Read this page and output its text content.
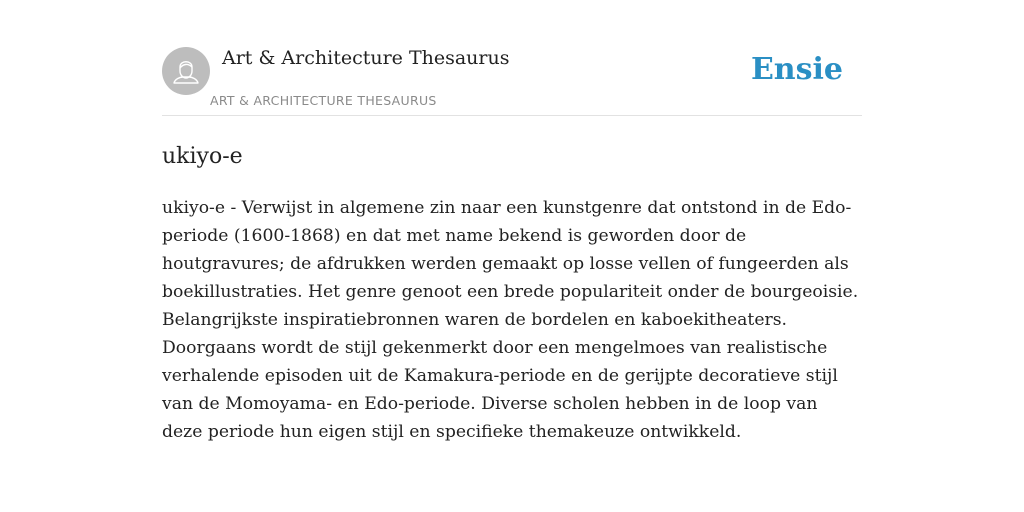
Art & Architecture Thesaurus
ART & ARCHITECTURE THESAURUS
Ensie
ukiyo-e

ukiyo-e - Verwijst in algemene zin naar een kunstgenre dat ontstond in de Edo-periode (1600-1868) en dat met name bekend is geworden door de houtgravures; de afdrukken werden gemaakt op losse vellen of fungeerden als boekillustraties. Het genre genoot een brede populariteit onder de bourgeoisie. Belangrijkste inspiratiebronnen waren de bordelen en kaboekitheaters. Doorgaans wordt de stijl gekenmerkt door een mengelmoes van realistische verhalende episoden uit de Kamakura-periode en de gerijpte decoratieve stijl van de Momoyama- en Edo-periode. Diverse scholen hebben in de loop van deze periode hun eigen stijl en specifieke themakeuze ontwikkeld.
